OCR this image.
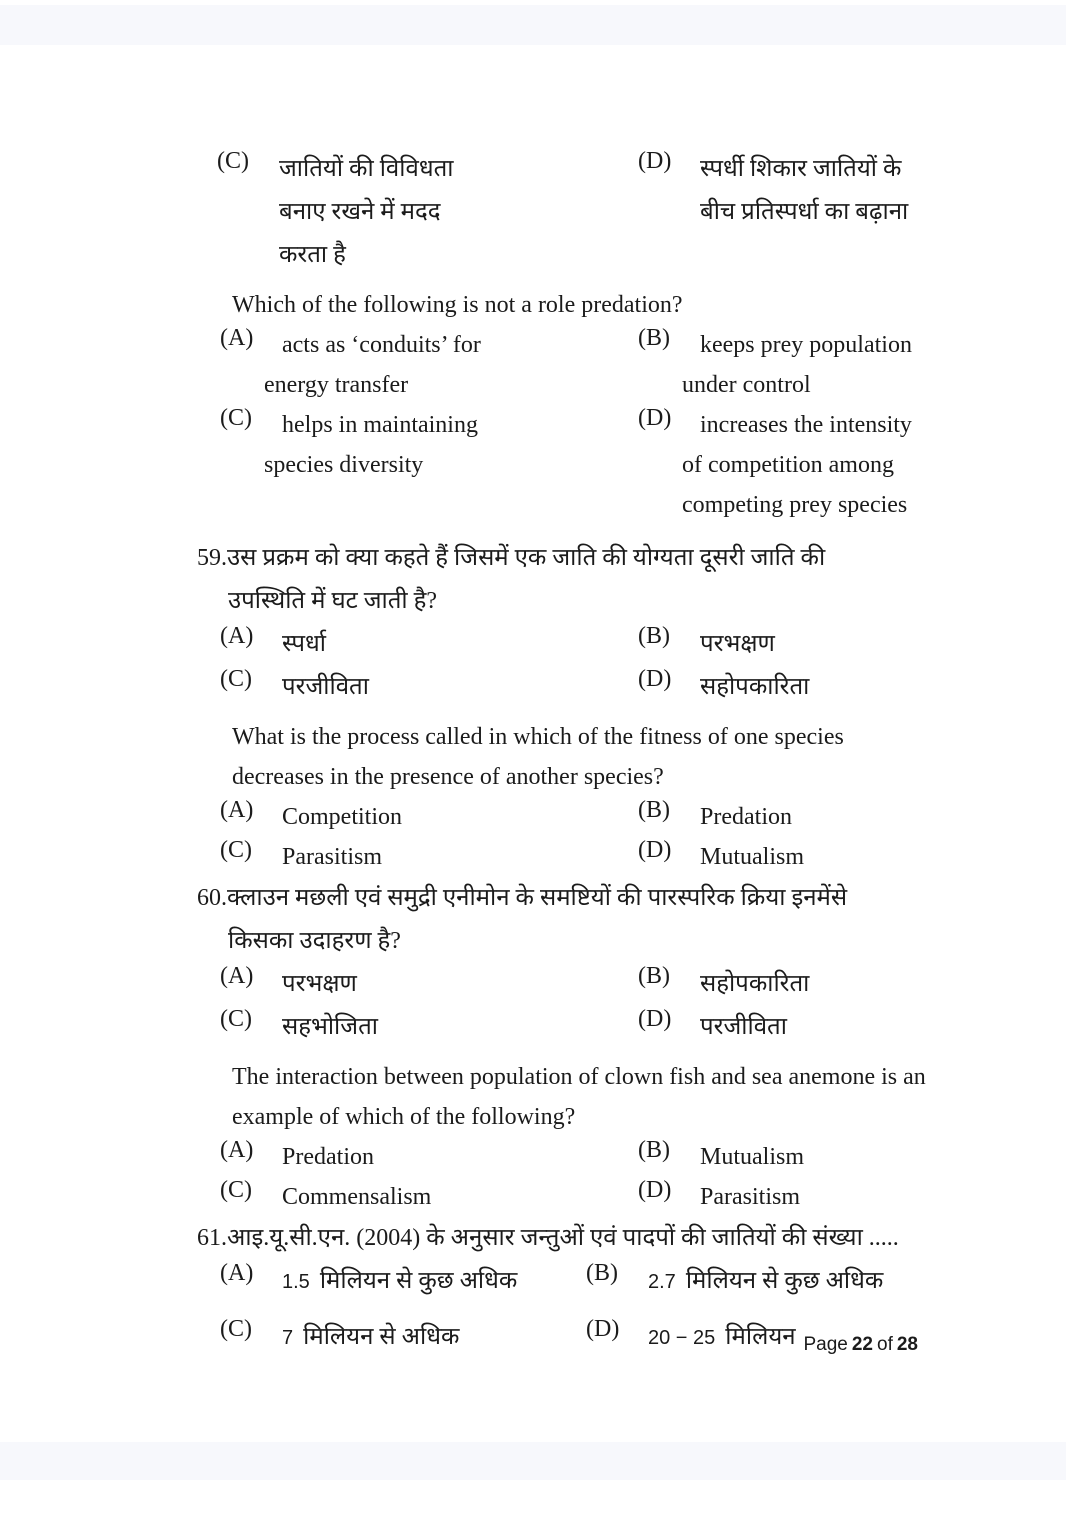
(C)	जातियों की विविधता
बनाए रखने में मदद
करता है
(D)	स्पर्धी शिकार जातियों के
बीच प्रतिस्पर्धा का बढ़ाना
Which of the following is not a role predation?
(A)	acts as ‘conduits’ for
energy transfer
(B)	keeps prey population
under control
(C)	helps in maintaining
species diversity
(D)	increases the intensity
of competition among
competing prey species
59.उस प्रक्रम को क्या कहते हैं जिसमें एक जाति की योग्यता दूसरी जाति की
उपस्थिति में घट जाती है?
(A)	स्पर्धा	(B)	परभक्षण
(C)	परजीविता	(D)	सहोपकारिता
What is the process called in which of the fitness of one species
decreases in the presence of another species?
(A)	Competition	(B)	Predation
(C)	Parasitism	(D)	Mutualism
60.क्लाउन मछली एवं समुद्री एनीमोन के समष्टियों की पारस्परिक क्रिया इनमेंसे
किसका उदाहरण है?
(A)	परभक्षण	(B)	सहोपकारिता
(C)	सहभोजिता	(D)	परजीविता
The interaction between population of clown fish and sea anemone is an
example of which of the following?
(A)	Predation	(B)	Mutualism
(C)	Commensalism	(D)	Parasitism
61.आइ.यू.सी.एन. (2004) के अनुसार जन्तुओं एवं पादपों की जातियों की संख्या .....
(A)	1.5 मिलियन से कुछ अधिक	(B)	2.7 मिलियन से कुछ अधिक
(C)	7 मिलियन से अधिक	(D)	20 − 25 मिलियन Page 22 of 28
